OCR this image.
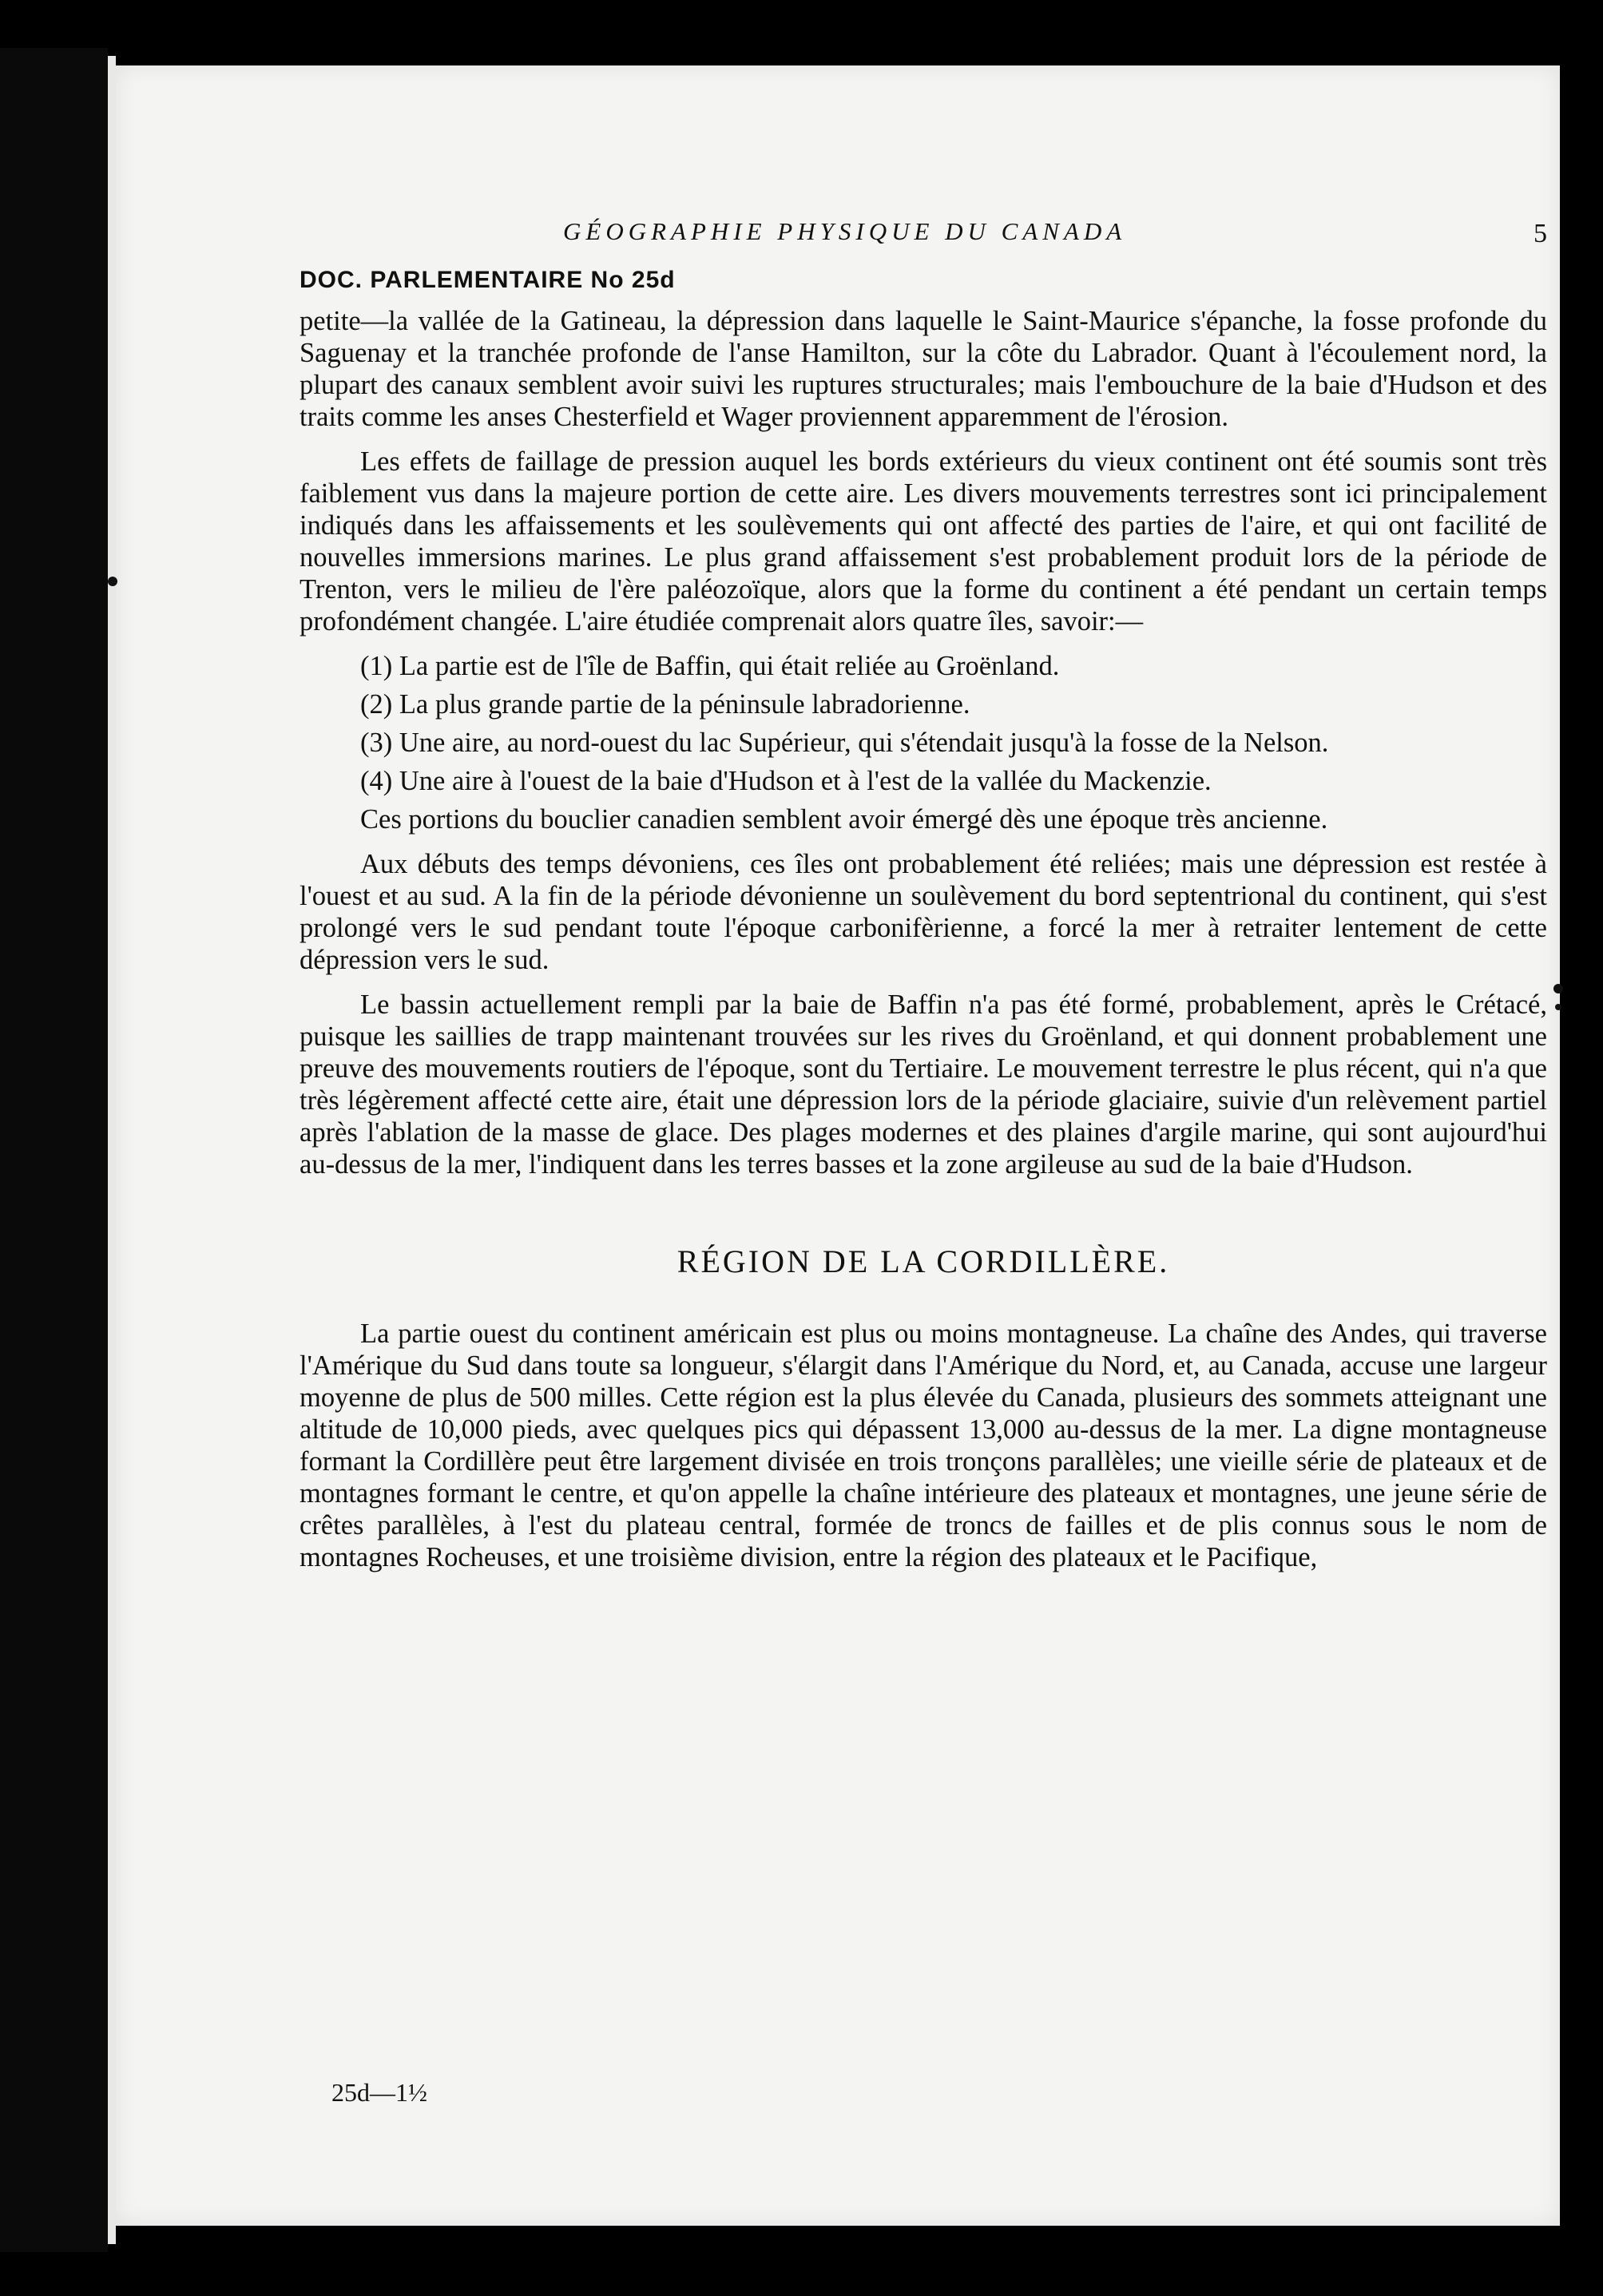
GÉOGRAPHIE PHYSIQUE DU CANADA	5
DOC. PARLEMENTAIRE No 25d

petite—la vallée de la Gatineau, la dépression dans laquelle le Saint-Maurice s'épanche, la fosse profonde du Saguenay et la tranchée profonde de l'anse Hamilton, sur la côte du Labrador. Quant à l'écoulement nord, la plupart des canaux semblent avoir suivi les ruptures structurales; mais l'embouchure de la baie d'Hudson et des traits comme les anses Chesterfield et Wager proviennent apparemment de l'érosion.

Les effets de faillage de pression auquel les bords extérieurs du vieux continent ont été soumis sont très faiblement vus dans la majeure portion de cette aire. Les divers mouvements terrestres sont ici principalement indiqués dans les affaissements et les soulèvements qui ont affecté des parties de l'aire, et qui ont facilité de nouvelles immersions marines. Le plus grand affaissement s'est probablement produit lors de la période de Trenton, vers le milieu de l'ère paléozoïque, alors que la forme du continent a été pendant un certain temps profondément changée. L'aire étudiée comprenait alors quatre îles, savoir:—

(1) La partie est de l'île de Baffin, qui était reliée au Groënland.

(2) La plus grande partie de la péninsule labradorienne.

(3) Une aire, au nord-ouest du lac Supérieur, qui s'étendait jusqu'à la fosse de la Nelson.

(4) Une aire à l'ouest de la baie d'Hudson et à l'est de la vallée du Mackenzie.

Ces portions du bouclier canadien semblent avoir émergé dès une époque très ancienne.

Aux débuts des temps dévoniens, ces îles ont probablement été reliées; mais une dépression est restée à l'ouest et au sud. A la fin de la période dévonienne un soulèvement du bord septentrional du continent, qui s'est prolongé vers le sud pendant toute l'époque carbonifèrienne, a forcé la mer à retraiter lentement de cette dépression vers le sud.

Le bassin actuellement rempli par la baie de Baffin n'a pas été formé, probablement, après le Crétacé, puisque les saillies de trapp maintenant trouvées sur les rives du Groënland, et qui donnent probablement une preuve des mouvements routiers de l'époque, sont du Tertiaire. Le mouvement terrestre le plus récent, qui n'a que très légèrement affecté cette aire, était une dépression lors de la période glaciaire, suivie d'un relèvement partiel après l'ablation de la masse de glace. Des plages modernes et des plaines d'argile marine, qui sont aujourd'hui au-dessus de la mer, l'indiquent dans les terres basses et la zone argileuse au sud de la baie d'Hudson.

RÉGION DE LA CORDILLÈRE.

La partie ouest du continent américain est plus ou moins montagneuse. La chaîne des Andes, qui traverse l'Amérique du Sud dans toute sa longueur, s'élargit dans l'Amérique du Nord, et, au Canada, accuse une largeur moyenne de plus de 500 milles. Cette région est la plus élevée du Canada, plusieurs des sommets atteignant une altitude de 10,000 pieds, avec quelques pics qui dépassent 13,000 au-dessus de la mer. La digne montagneuse formant la Cordillère peut être largement divisée en trois tronçons parallèles; une vieille série de plateaux et de montagnes formant le centre, et qu'on appelle la chaîne intérieure des plateaux et montagnes, une jeune série de crêtes parallèles, à l'est du plateau central, formée de troncs de failles et de plis connus sous le nom de montagnes Rocheuses, et une troisième division, entre la région des plateaux et le Pacifique,

25d—1½
